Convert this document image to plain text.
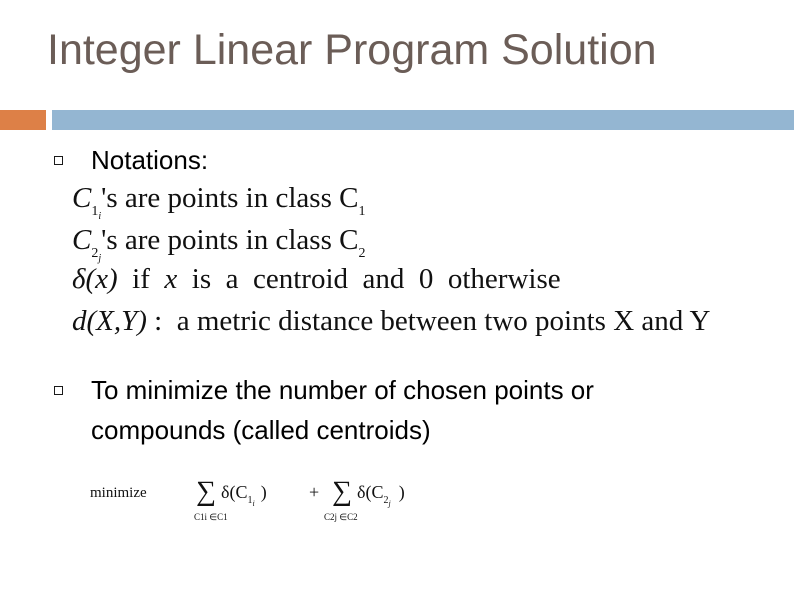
Integer Linear Program Solution
Notations:
$C_{1i}'s$ are points in class $C_1$
$C_{2j}'s$ are points in class $C_2$
δ(x)  if  x  is  a  centroid  and  0  otherwise
d(X,Y) :  a metric distance between two points X and Y
To minimize the number of chosen points or
compounds (called centroids)
minimize ∑ $\delta(C_{1i})$ + ∑ $\delta(C_{2j})$
C1i ∈C1	C2j ∈C2
